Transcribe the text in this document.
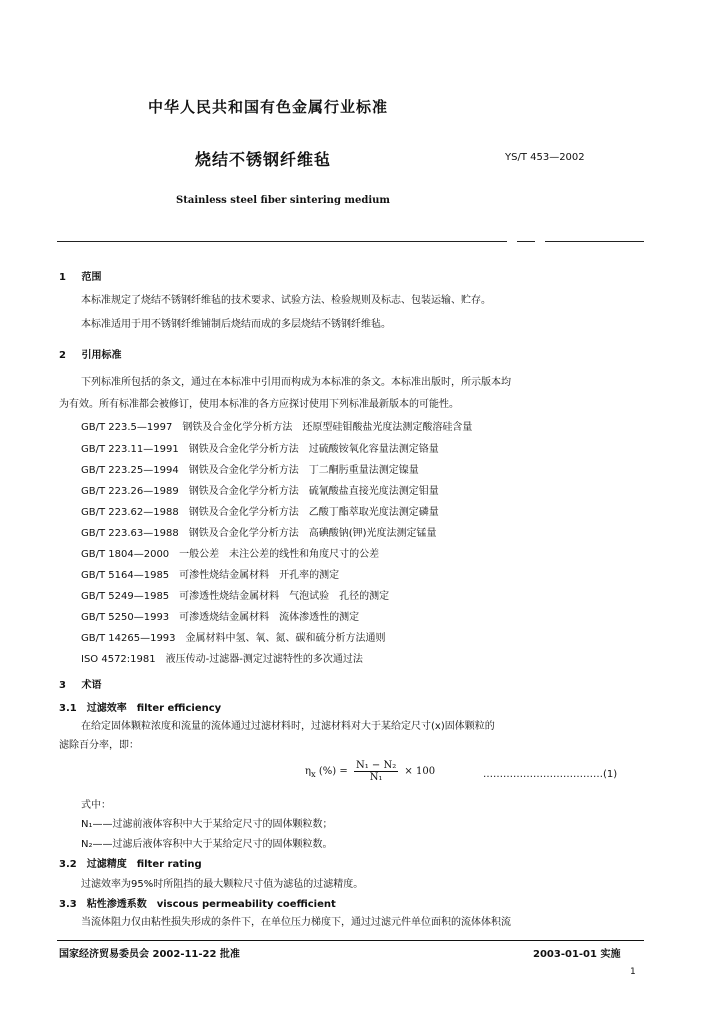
中华人民共和国有色金属行业标准
烧结不锈钢纤维毡	YS/T 453—2002
Stainless steel fiber sintering medium
1 范围
本标准规定了烧结不锈钢纤维毡的技术要求、试验方法、检验规则及标志、包装运输、贮存。
本标准适用于用不锈钢纤维铺制后烧结而成的多层烧结不锈钢纤维毡。
2 引用标准
下列标准所包括的条文，通过在本标准中引用而构成为本标准的条文。本标准出版时，所示版本均
为有效。所有标准都会被修订，使用本标准的各方应探讨使用下列标准最新版本的可能性。
GB/T 223.5—1997　钢铁及合金化学分析方法　还原型硅钼酸盐光度法测定酸溶硅含量
GB/T 223.11—1991　钢铁及合金化学分析方法　过硫酸铵氧化容量法测定铬量
GB/T 223.25—1994　钢铁及合金化学分析方法　丁二酮肟重量法测定镍量
GB/T 223.26—1989　钢铁及合金化学分析方法　硫氰酸盐直接光度法测定钼量
GB/T 223.62—1988　钢铁及合金化学分析方法　乙酸丁酯萃取光度法测定磷量
GB/T 223.63—1988　钢铁及合金化学分析方法　高碘酸钠(钾)光度法测定锰量
GB/T 1804—2000　一般公差　未注公差的线性和角度尺寸的公差
GB/T 5164—1985　可渗性烧结金属材料　开孔率的测定
GB/T 5249—1985　可渗透性烧结金属材料　气泡试验　孔径的测定
GB/T 5250—1993　可渗透烧结金属材料　流体渗透性的测定
GB/T 14265—1993　金属材料中氢、氧、氮、碳和硫分析方法通则
ISO 4572:1981　液压传动-过滤器-测定过滤特性的多次通过法
3 术语
3.1　过滤效率　filter efficiency
在给定固体颗粒浓度和流量的流体通过过滤材料时，过滤材料对大于某给定尺寸(x)固体颗粒的
滤除百分率，即：
$\eta_x$ (%) = $\frac{\text{N₁ − N₂}}{\text{N₁}} \times 100$	………………………………(1)
式中：
N₁——过滤前液体容积中大于某给定尺寸的固体颗粒数；
N₂——过滤后液体容积中大于某给定尺寸的固体颗粒数。
3.2　过滤精度　filter rating
过滤效率为95%时所阻挡的最大颗粒尺寸值为滤毡的过滤精度。
3.3　粘性渗透系数　viscous permeability coefficient
当流体阻力仅由粘性损失形成的条件下，在单位压力梯度下，通过过滤元件单位面积的流体体积流
国家经济贸易委员会 2002-11-22 批准	2003-01-01 实施
1
